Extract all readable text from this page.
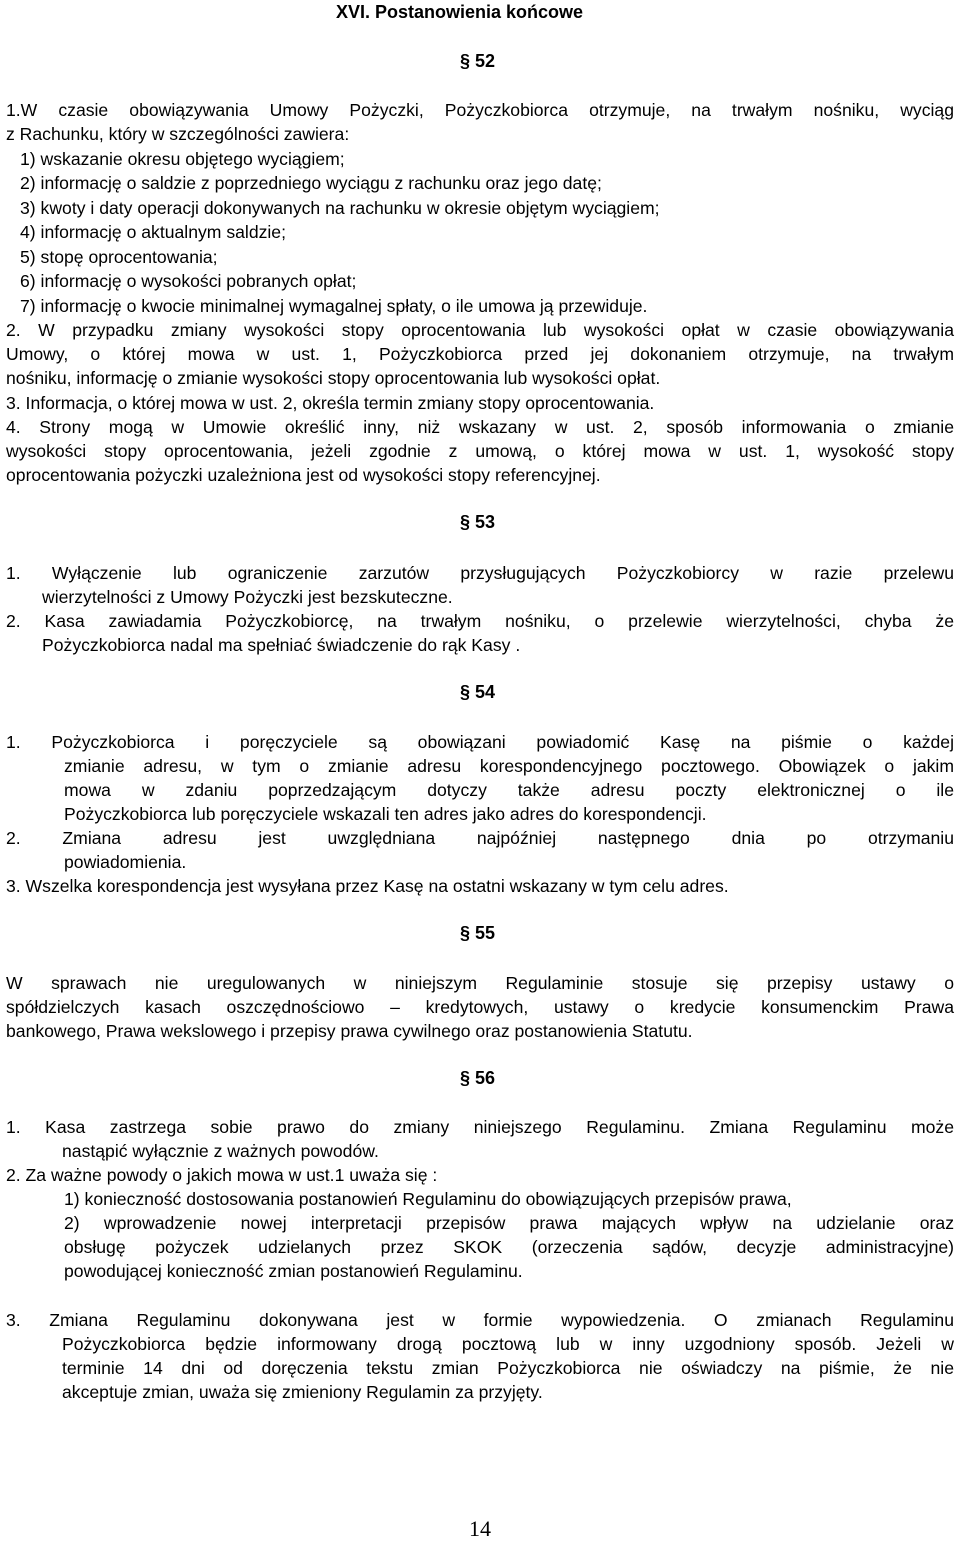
XVI. Postanowienia końcowe
§ 52
1.W czasie obowiązywania Umowy Pożyczki, Pożyczkobiorca otrzymuje, na trwałym nośniku, wyciąg
z Rachunku, który w szczególności zawiera:
1) wskazanie okresu objętego wyciągiem;
2) informację o saldzie z poprzedniego wyciągu z rachunku oraz jego datę;
3) kwoty i daty operacji dokonywanych na rachunku w okresie objętym wyciągiem;
4) informację o aktualnym saldzie;
5) stopę oprocentowania;
6) informację o wysokości pobranych opłat;
7) informację o kwocie minimalnej wymagalnej spłaty, o ile umowa ją przewiduje.
2. W przypadku zmiany wysokości stopy oprocentowania lub wysokości opłat w czasie obowiązywania
Umowy, o której mowa w ust. 1, Pożyczkobiorca przed jej dokonaniem otrzymuje, na trwałym
nośniku, informację o zmianie wysokości stopy oprocentowania lub wysokości opłat.
3. Informacja, o której mowa w ust. 2, określa termin zmiany stopy oprocentowania.
4. Strony mogą w Umowie określić inny, niż wskazany w ust. 2, sposób informowania o zmianie
wysokości stopy oprocentowania, jeżeli zgodnie z umową, o której mowa w ust. 1, wysokość stopy
oprocentowania pożyczki uzależniona jest od wysokości stopy referencyjnej.
§ 53
1. Wyłączenie lub ograniczenie zarzutów przysługujących Pożyczkobiorcy w razie przelewu
wierzytelności z Umowy Pożyczki jest bezskuteczne.
2. Kasa zawiadamia Pożyczkobiorcę, na trwałym nośniku, o przelewie wierzytelności, chyba że
Pożyczkobiorca nadal ma spełniać świadczenie do rąk Kasy .
§ 54
1. Pożyczkobiorca i poręczyciele są obowiązani powiadomić Kasę na piśmie o każdej
zmianie adresu, w tym o zmianie adresu korespondencyjnego pocztowego. Obowiązek o jakim
mowa w zdaniu poprzedzającym dotyczy także adresu poczty elektronicznej o ile
Pożyczkobiorca lub poręczyciele wskazali ten adres jako adres do korespondencji.
2. Zmiana adresu jest uwzględniana najpóźniej następnego dnia po otrzymaniu
powiadomienia.
3. Wszelka korespondencja jest wysyłana przez Kasę na ostatni wskazany w tym celu adres.
§ 55
W sprawach nie uregulowanych w niniejszym Regulaminie stosuje się przepisy ustawy o
spółdzielczych kasach oszczędnościowo – kredytowych, ustawy o kredycie konsumenckim Prawa
bankowego, Prawa wekslowego i przepisy prawa cywilnego oraz postanowienia Statutu.
§ 56
1. Kasa zastrzega sobie prawo do zmiany niniejszego Regulaminu. Zmiana Regulaminu może
nastąpić wyłącznie z ważnych powodów.
2. Za ważne powody o jakich mowa w ust.1 uważa się :
1) konieczność dostosowania postanowień Regulaminu do obowiązujących przepisów prawa,
2) wprowadzenie nowej interpretacji przepisów prawa mających wpływ na udzielanie oraz
obsługę pożyczek udzielanych przez SKOK (orzeczenia sądów, decyzje administracyjne)
powodującej konieczność zmian postanowień Regulaminu.
3. Zmiana Regulaminu dokonywana jest w formie wypowiedzenia. O zmianach Regulaminu
Pożyczkobiorca będzie informowany drogą pocztową lub w inny uzgodniony sposób. Jeżeli w
terminie 14 dni od doręczenia tekstu zmian Pożyczkobiorca nie oświadczy na piśmie, że nie
akceptuje zmian, uważa się zmieniony Regulamin za przyjęty.
14
